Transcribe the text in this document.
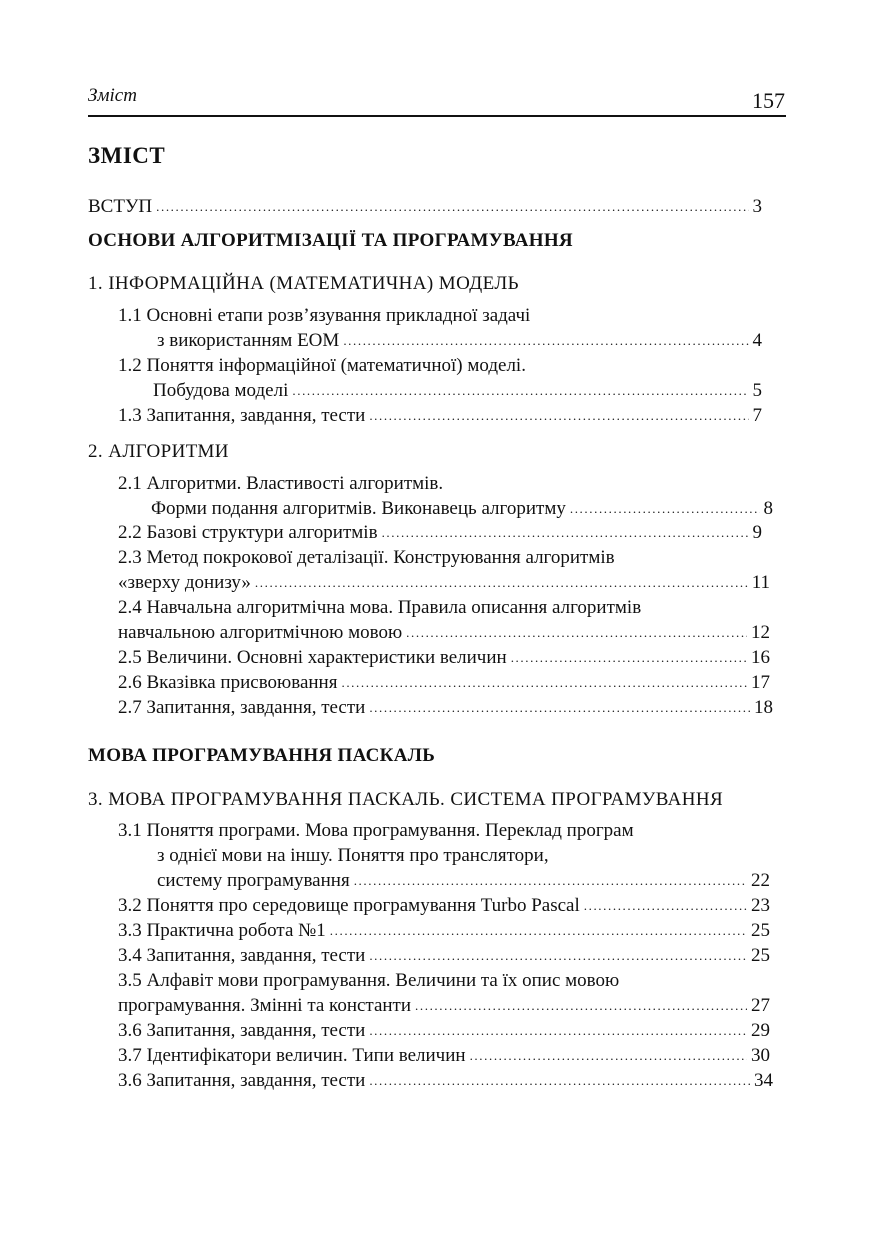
Зміст	157
ЗМІСТ
ВСТУП .....	3
ОСНОВИ АЛГОРИТМІЗАЦІЇ ТА ПРОГРАМУВАННЯ
1. ІНФОРМАЦІЙНА (МАТЕМАТИЧНА) МОДЕЛЬ
1.1 Основні етапи розв’язування прикладної задачі
з використанням ЕОМ .....	4
1.2 Поняття інформаційної (математичної) моделі.
Побудова моделі .....	5
1.3 Запитання, завдання, тести .....	7
2. АЛГОРИТМИ
2.1 Алгоритми. Властивості алгоритмів.
Форми подання алгоритмів. Виконавець алгоритму .....	8
2.2 Базові структури алгоритмів .....	9
2.3 Метод покрокової деталізації. Конструювання алгоритмів
«зверху донизу» .....	11
2.4 Навчальна алгоритмічна мова. Правила описання алгоритмів
навчальною алгоритмічною мовою .....	12
2.5 Величини. Основні характеристики величин .....	16
2.6 Вказівка присвоювання .....	17
2.7 Запитання, завдання, тести .....	18
МОВА ПРОГРАМУВАННЯ ПАСКАЛЬ
3. МОВА ПРОГРАМУВАННЯ ПАСКАЛЬ. СИСТЕМА ПРОГРАМУВАННЯ
3.1 Поняття програми. Мова програмування. Переклад програм
з однієї мови на іншу. Поняття про транслятори,
систему програмування .....	22
3.2 Поняття про середовище програмування Turbo Pascal .....	23
3.3 Практична робота №1 .....	25
3.4 Запитання, завдання, тести .....	25
3.5 Алфавіт мови програмування. Величини та їх опис мовою
програмування. Змінні та константи .....	27
3.6 Запитання, завдання, тести .....	29
3.7 Ідентифікатори величин. Типи величин .....	30
3.6 Запитання, завдання, тести .....	34
